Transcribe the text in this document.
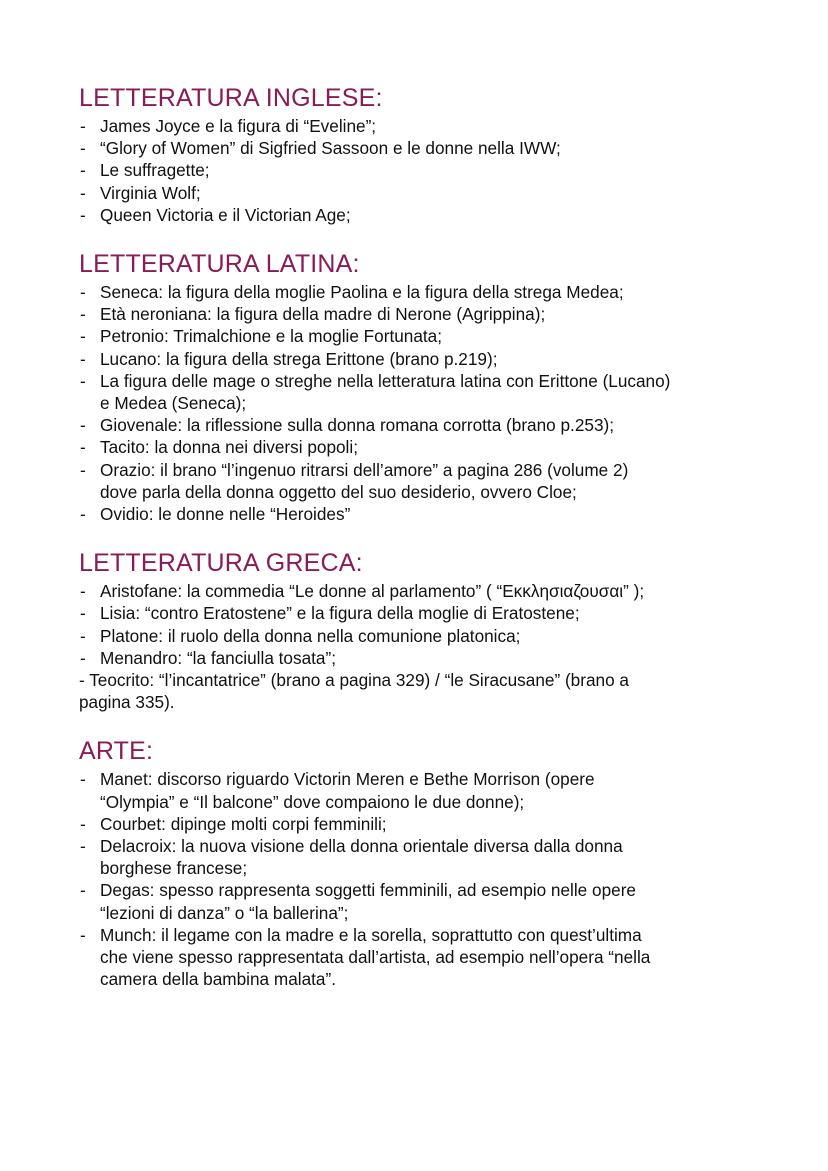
LETTERATURA INGLESE:
- James Joyce e la figura di “Eveline”;
- “Glory of Women” di Sigfried Sassoon e le donne nella IWW;
- Le suffragette;
- Virginia Wolf;
- Queen Victoria e il Victorian Age;
LETTERATURA LATINA:
- Seneca: la figura della moglie Paolina e la figura della strega Medea;
- Età neroniana: la figura della madre di Nerone (Agrippina);
- Petronio: Trimalchione e la moglie Fortunata;
- Lucano: la figura della strega Erittone (brano p.219);
- La figura delle mage o streghe nella letteratura latina con Erittone (Lucano)
e Medea (Seneca);
- Giovenale: la riflessione sulla donna romana corrotta (brano p.253);
- Tacito: la donna nei diversi popoli;
- Orazio: il brano “l’ingenuo ritrarsi dell’amore” a pagina 286 (volume 2)
dove parla della donna oggetto del suo desiderio, ovvero Cloe;
- Ovidio: le donne nelle “Heroides”
LETTERATURA GRECA:
- Aristofane: la commedia “Le donne al parlamento” ( “Εκκλησιαζουσαι” );
- Lisia: “contro Eratostene” e la figura della moglie di Eratostene;
- Platone: il ruolo della donna nella comunione platonica;
- Menandro: “la fanciulla tosata”;
- Teocrito: “l’incantatrice” (brano a pagina 329) / “le Siracusane” (brano a
pagina 335).
ARTE:
- Manet: discorso riguardo Victorin Meren e Bethe Morrison (opere
“Olympia” e “Il balcone” dove compaiono le due donne);
- Courbet: dipinge molti corpi femminili;
- Delacroix: la nuova visione della donna orientale diversa dalla donna
borghese francese;
- Degas: spesso rappresenta soggetti femminili, ad esempio nelle opere
“lezioni di danza” o “la ballerina”;
- Munch: il legame con la madre e la sorella, soprattutto con quest’ultima
che viene spesso rappresentata dall’artista, ad esempio nell’opera “nella
camera della bambina malata”.
